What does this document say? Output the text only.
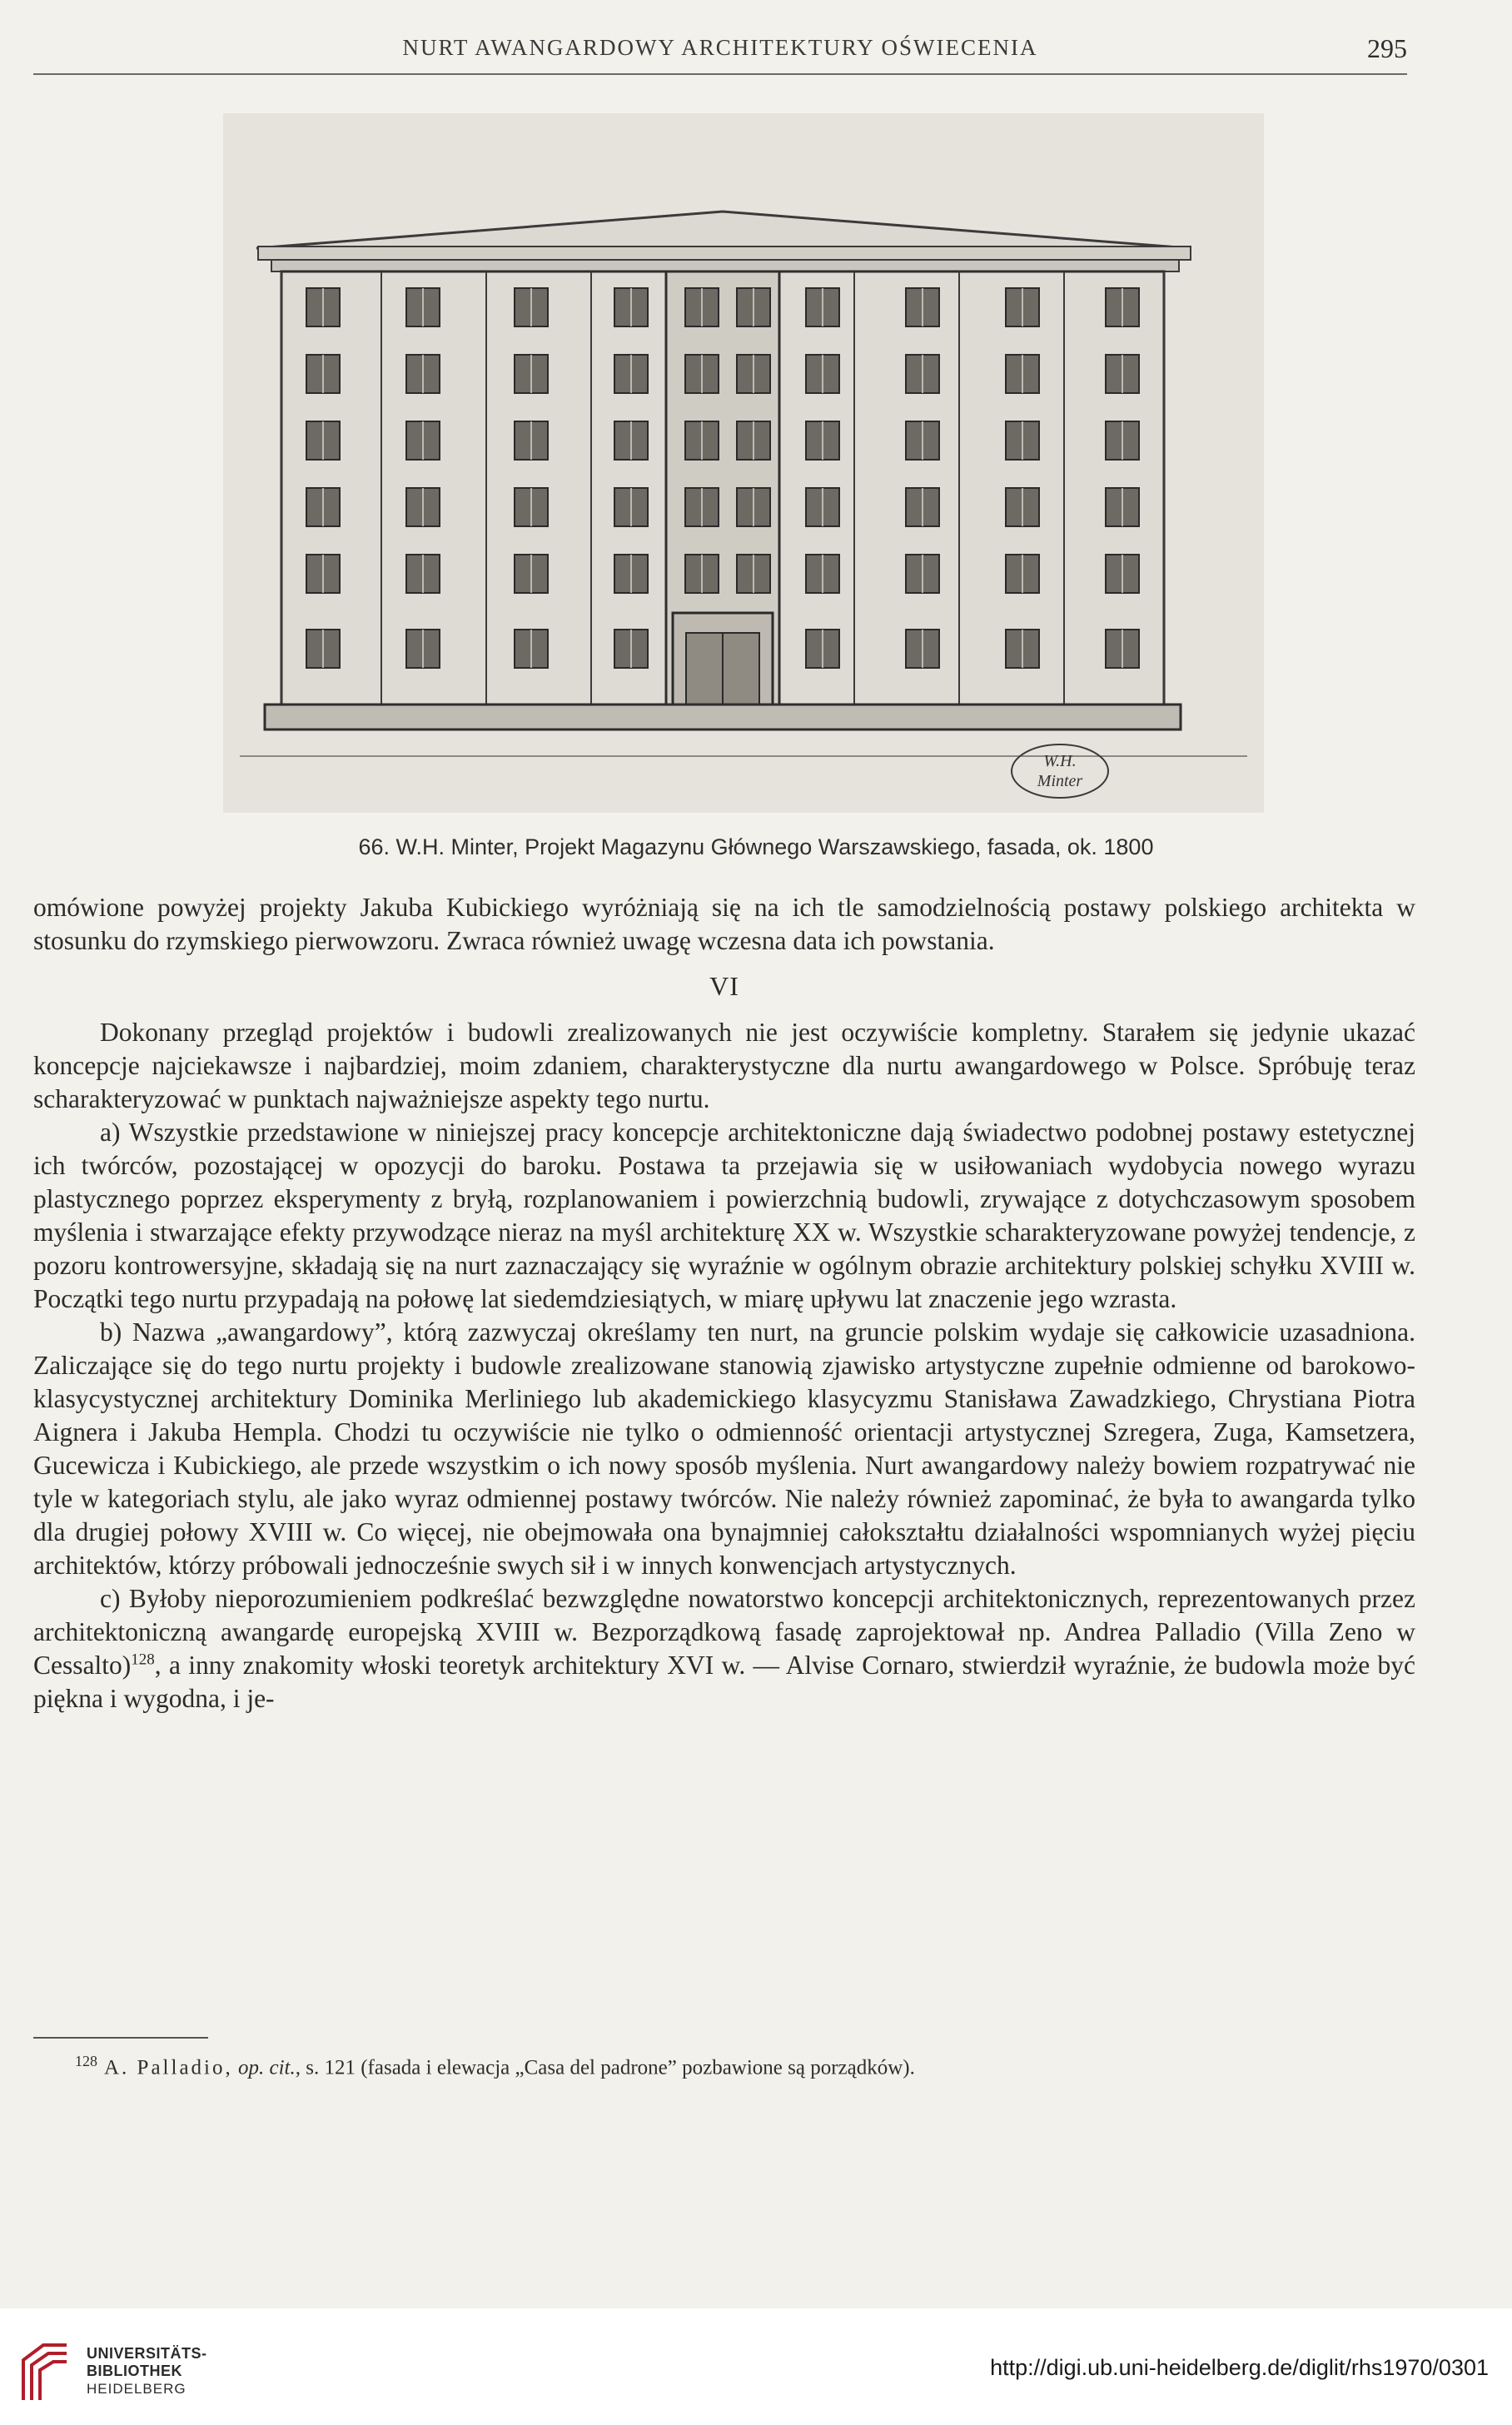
NURT AWANGARDOWY ARCHITEKTURY OŚWIECENIA	295
W.H.
Minter
66. W.H. Minter, Projekt Magazynu Głównego Warszawskiego, fasada, ok. 1800

omówione powyżej projekty Jakuba Kubickiego wyróżniają się na ich tle samodzielnością postawy polskiego architekta w stosunku do rzymskiego pierwowzoru. Zwraca również uwagę wczesna data ich powstania.

VI

Dokonany przegląd projektów i budowli zrealizowanych nie jest oczywiście kompletny. Starałem się jedynie ukazać koncepcje najciekawsze i najbardziej, moim zdaniem, charakterystyczne dla nurtu awangardowego w Polsce. Spróbuję teraz scharakteryzować w punktach najważniejsze aspekty tego nurtu.

a) Wszystkie przedstawione w niniejszej pracy koncepcje architektoniczne dają świadectwo podobnej postawy estetycznej ich twórców, pozostającej w opozycji do baroku. Postawa ta przejawia się w usiłowaniach wydobycia nowego wyrazu plastycznego poprzez eksperymenty z bryłą, rozplanowaniem i powierzchnią budowli, zrywające z dotychczasowym sposobem myślenia i stwarzające efekty przywodzące nieraz na myśl architekturę XX w. Wszystkie scharakteryzowane powyżej tendencje, z pozoru kontrowersyjne, składają się na nurt zaznaczający się wyraźnie w ogólnym obrazie architektury polskiej schyłku XVIII w. Początki tego nurtu przypadają na połowę lat siedemdziesiątych, w miarę upływu lat znaczenie jego wzrasta.

b) Nazwa „awangardowy”, którą zazwyczaj określamy ten nurt, na gruncie polskim wydaje się całkowicie uzasadniona. Zaliczające się do tego nurtu projekty i budowle zrealizowane stanowią zjawisko artystyczne zupełnie odmienne od barokowo-klasycystycznej architektury Dominika Merliniego lub akademickiego klasycyzmu Stanisława Zawadzkiego, Chrystiana Piotra Aignera i Jakuba Hempla. Chodzi tu oczywiście nie tylko o odmienność orientacji artystycznej Szregera, Zuga, Kamsetzera, Gucewicza i Kubickiego, ale przede wszystkim o ich nowy sposób myślenia. Nurt awangardowy należy bowiem rozpatrywać nie tyle w kategoriach stylu, ale jako wyraz odmiennej postawy twórców. Nie należy również zapominać, że była to awangarda tylko dla drugiej połowy XVIII w. Co więcej, nie obejmowała ona bynajmniej całokształtu działalności wspomnianych wyżej pięciu architektów, którzy próbowali jednocześnie swych sił i w innych konwencjach artystycznych.

c) Byłoby nieporozumieniem podkreślać bezwzględne nowatorstwo koncepcji architektonicznych, reprezentowanych przez architektoniczną awangardę europejską XVIII w. Bezporządkową fasadę zaprojektował np. Andrea Palladio (Villa Zeno w Cessalto)$^{128}$, a inny znakomity włoski teoretyk architektury XVI w. — Alvise Cornaro, stwierdził wyraźnie, że budowla może być piękna i wygodna, i je-

$^{128}$ A. Palladio, op. cit., s. 121 (fasada i elewacja „Casa del padrone” pozbawione są porządków).
UNIVERSITÄTS-
BIBLIOTHEK
HEIDELBERG
http://digi.ub.uni-heidelberg.de/diglit/rhs1970/0301
